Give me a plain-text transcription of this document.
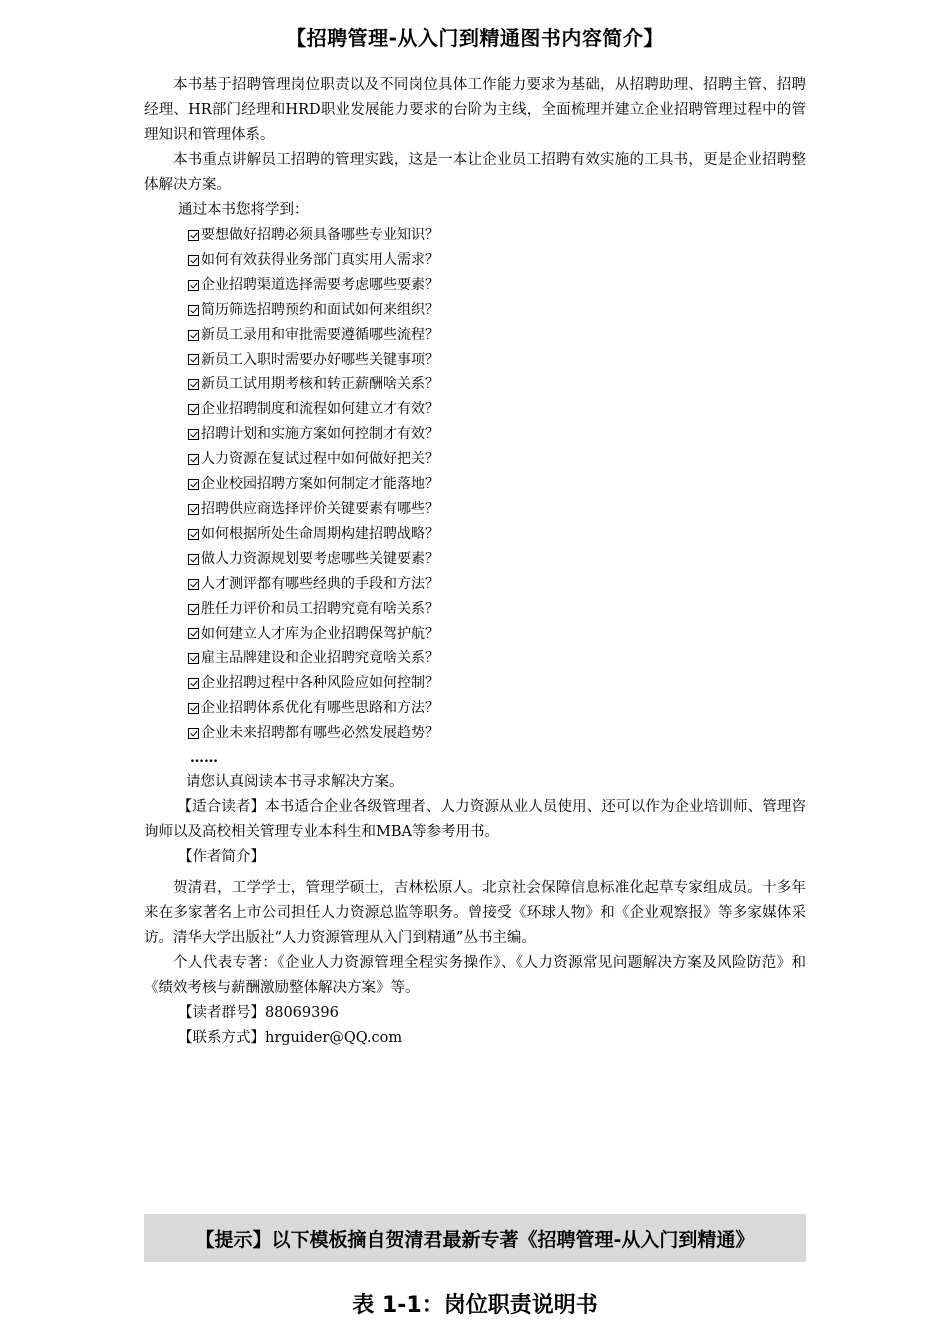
【招聘管理-从入门到精通图书内容简介】

本书基于招聘管理岗位职责以及不同岗位具体工作能力要求为基础，从招聘助理、招聘主管、招聘经理、HR部门经理和HRD职业发展能力要求的台阶为主线，全面梳理并建立企业招聘管理过程中的管理知识和管理体系。

本书重点讲解员工招聘的管理实践，这是一本让企业员工招聘有效实施的工具书，更是企业招聘整体解决方案。

通过本书您将学到：

要想做好招聘必须具备哪些专业知识？
如何有效获得业务部门真实用人需求？
企业招聘渠道选择需要考虑哪些要素？
简历筛选招聘预约和面试如何来组织？
新员工录用和审批需要遵循哪些流程？
新员工入职时需要办好哪些关键事项？
新员工试用期考核和转正薪酬啥关系？
企业招聘制度和流程如何建立才有效？
招聘计划和实施方案如何控制才有效？
人力资源在复试过程中如何做好把关？
企业校园招聘方案如何制定才能落地？
招聘供应商选择评价关键要素有哪些？
如何根据所处生命周期构建招聘战略？
做人力资源规划要考虑哪些关键要素？
人才测评都有哪些经典的手段和方法？
胜任力评价和员工招聘究竟有啥关系？
如何建立人才库为企业招聘保驾护航？
雇主品牌建设和企业招聘究竟啥关系？
企业招聘过程中各种风险应如何控制？
企业招聘体系优化有哪些思路和方法？
企业未来招聘都有哪些必然发展趋势？
……

请您认真阅读本书寻求解决方案。

【适合读者】本书适合企业各级管理者、人力资源从业人员使用、还可以作为企业培训师、管理咨询师以及高校相关管理专业本科生和MBA等参考用书。

【作者简介】

贺清君，工学学士，管理学硕士，吉林松原人。北京社会保障信息标准化起草专家组成员。十多年来在多家著名上市公司担任人力资源总监等职务。曾接受《环球人物》和《企业观察报》等多家媒体采访。清华大学出版社“人力资源管理从入门到精通”丛书主编。

个人代表专著：《企业人力资源管理全程实务操作》、《人力资源常见问题解决方案及风险防范》和《绩效考核与薪酬激励整体解决方案》等。

【读者群号】88069396

【联系方式】hrguider@QQ.com

【提示】以下模板摘自贺清君最新专著《招聘管理-从入门到精通》
表 1-1：岗位职责说明书
